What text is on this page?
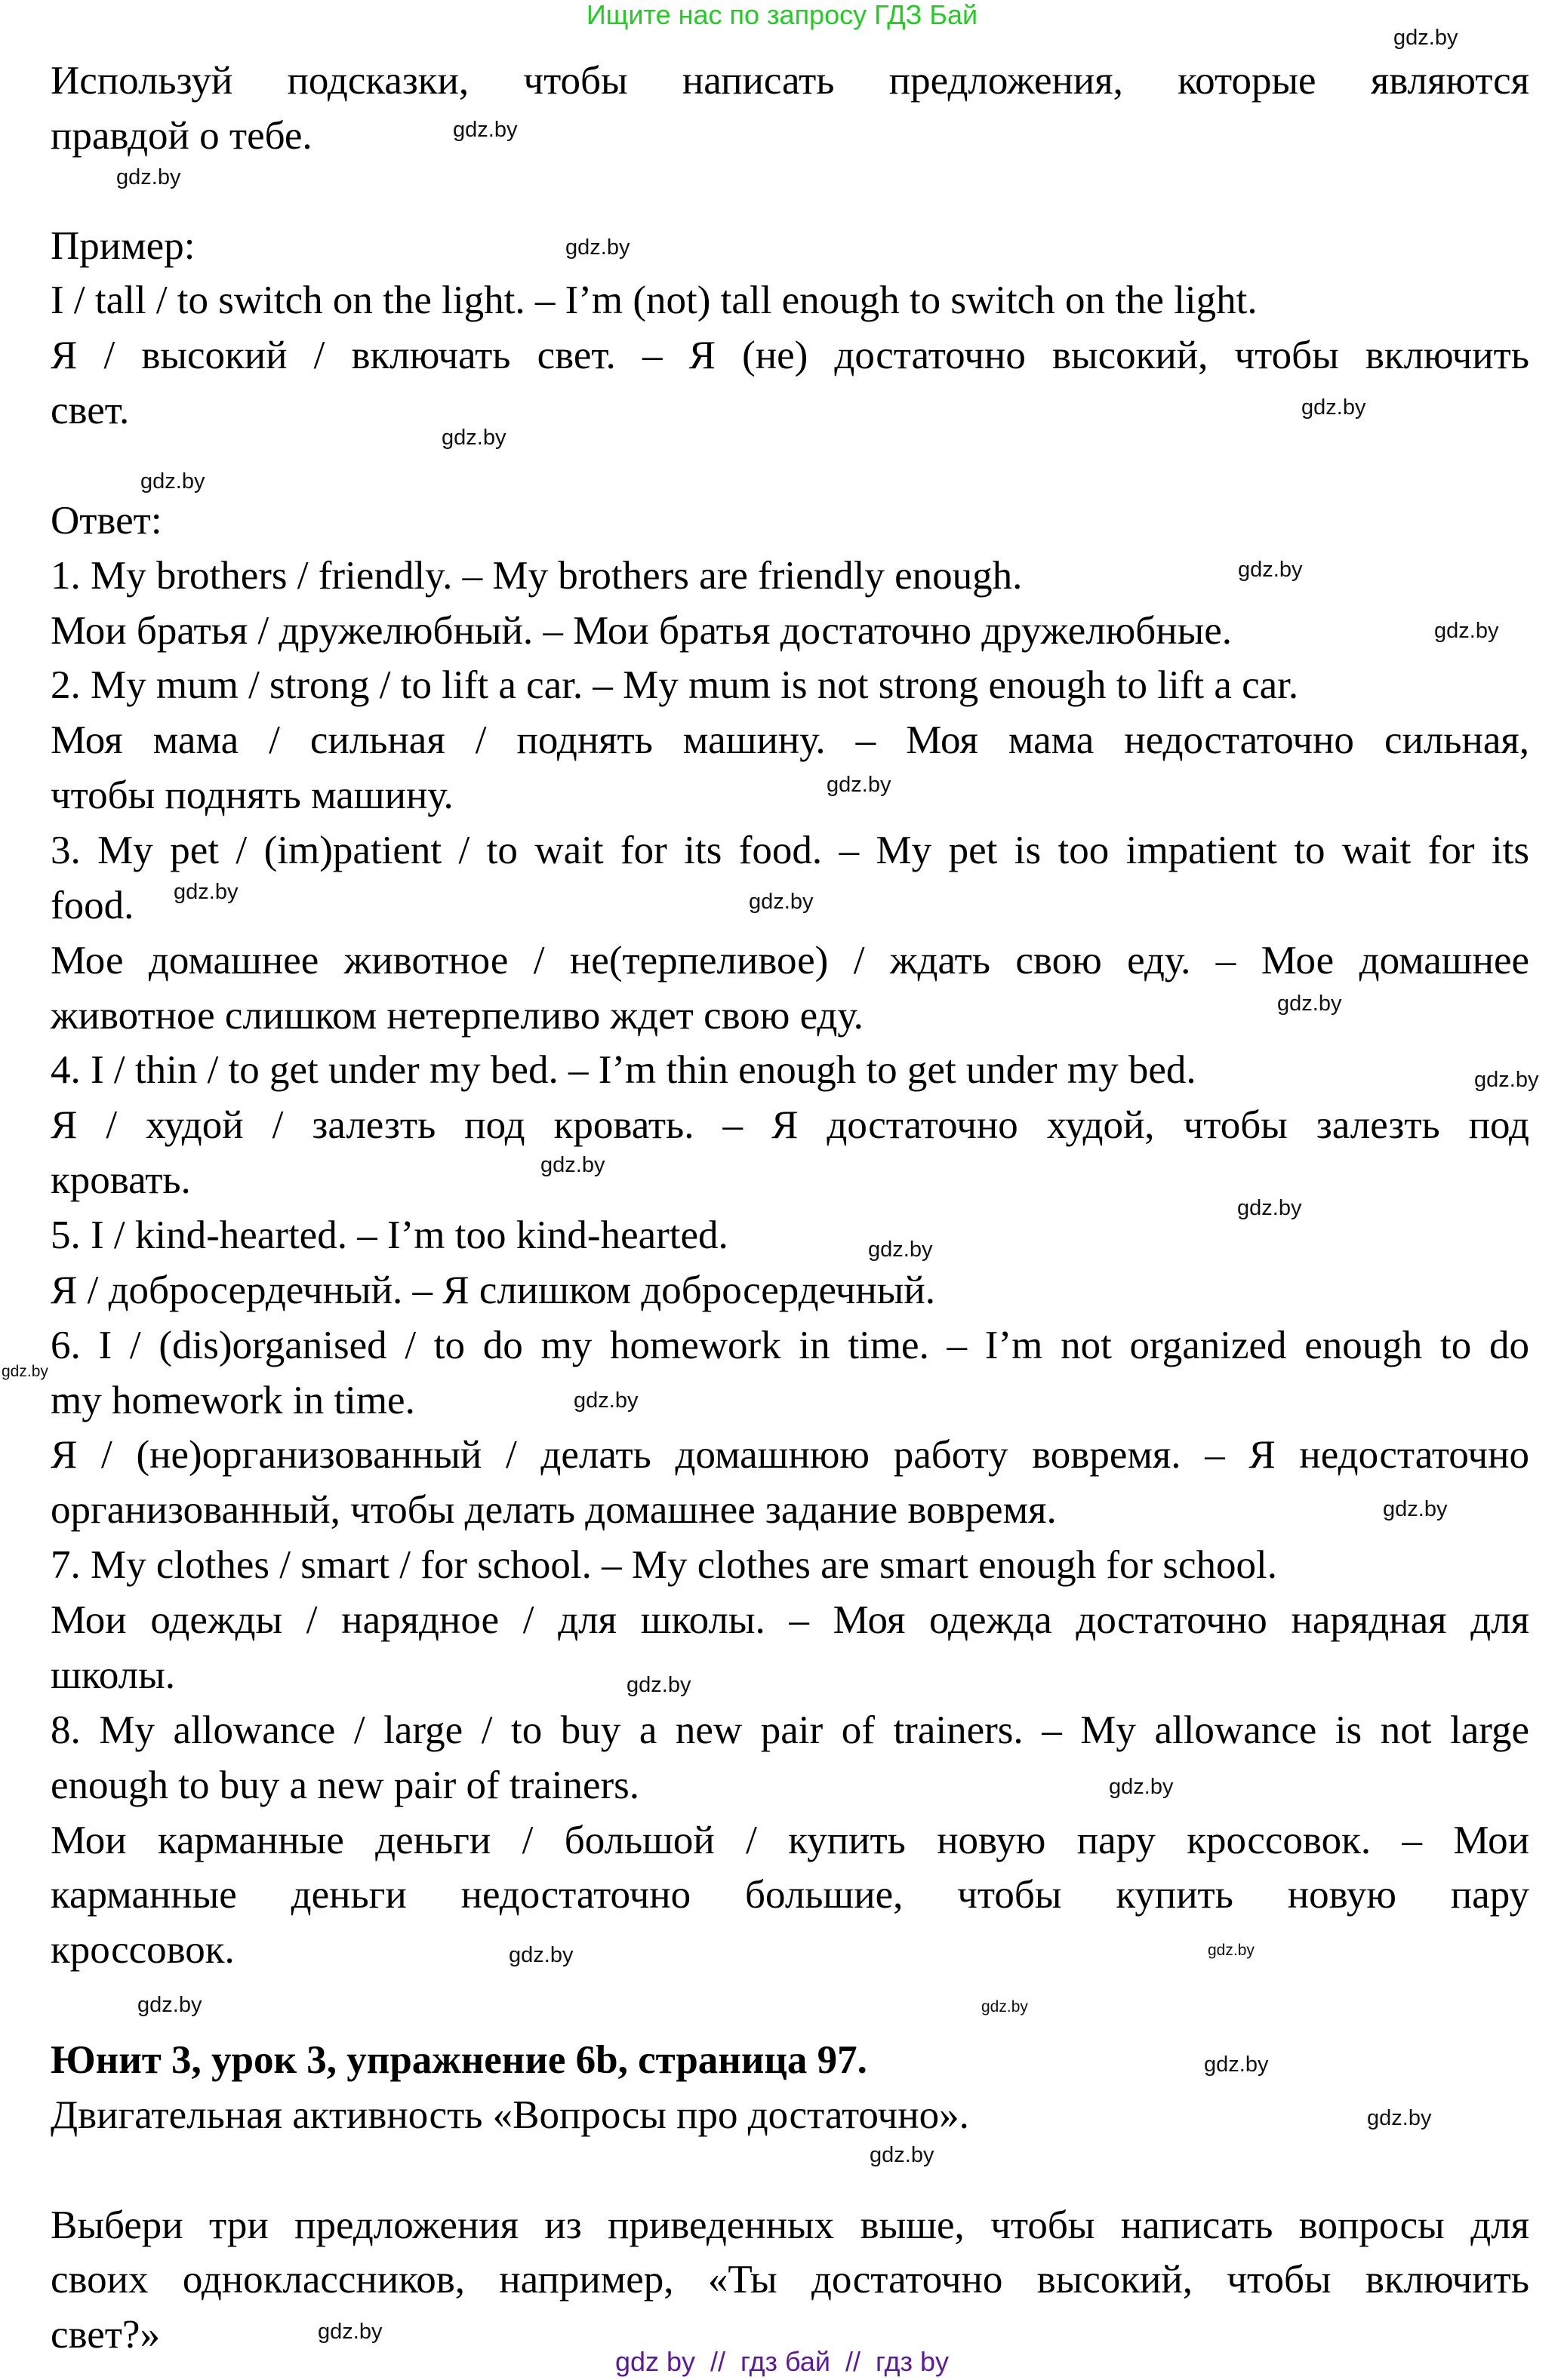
Ищите нас по запросу ГДЗ Бай
Используй подсказки, чтобы написать предложения, которые являются
правдой о тебе.
Пример:
I / tall / to switch on the light. – I’m (not) tall enough to switch on the light.
Я / высокий / включать свет. – Я (не) достаточно высокий, чтобы включить
свет.
Ответ:
1. My brothers / friendly. – My brothers are friendly enough.
Мои братья / дружелюбный. – Мои братья достаточно дружелюбные.
2. My mum / strong / to lift a car. – My mum is not strong enough to lift a car.
Моя мама / сильная / поднять машину. – Моя мама недостаточно сильная,
чтобы поднять машину.
3. My pet / (im)patient / to wait for its food. – My pet is too impatient to wait for its
food.
Мое домашнее животное / не(терпеливое) / ждать свою еду. – Мое домашнее
животное слишком нетерпеливо ждет свою еду.
4. I / thin / to get under my bed. – I’m thin enough to get under my bed.
Я / худой / залезть под кровать. – Я достаточно худой, чтобы залезть под
кровать.
5. I / kind-hearted. – I’m too kind-hearted.
Я / добросердечный. – Я слишком добросердечный.
6. I / (dis)organised / to do my homework in time. – I’m not organized enough to do
my homework in time.
Я / (не)организованный / делать домашнюю работу вовремя. – Я недостаточно
организованный, чтобы делать домашнее задание вовремя.
7. My clothes / smart / for school. – My clothes are smart enough for school.
Мои одежды / нарядное / для школы. – Моя одежда достаточно нарядная для
школы.
8. My allowance / large / to buy a new pair of trainers. – My allowance is not large
enough to buy a new pair of trainers.
Мои карманные деньги / большой / купить новую пару кроссовок. – Мои
карманные деньги недостаточно большие, чтобы купить новую пару
кроссовок.
Юнит 3, урок 3, упражнение 6b, страница 97.
Двигательная активность «Вопросы про достаточно».
Выбери три предложения из приведенных выше, чтобы написать вопросы для
своих одноклассников, например, «Ты достаточно высокий, чтобы включить
свет?»
gdz.by
gdz.by
gdz.by
gdz.by
gdz.by
gdz.by
gdz.by
gdz.by
gdz.by
gdz.by
gdz.by	gdz.by
gdz.by
gdz.by
gdz.by
gdz.by
gdz.by
gdz.by
gdz.by
gdz.by
gdz.by
gdz.by
gdz.by
gdz.by
gdz.by
gdz.by
gdz.by
gdz.by
gdz.by
gdz.by
gdz by  //  гдз бай  //  гдз by
